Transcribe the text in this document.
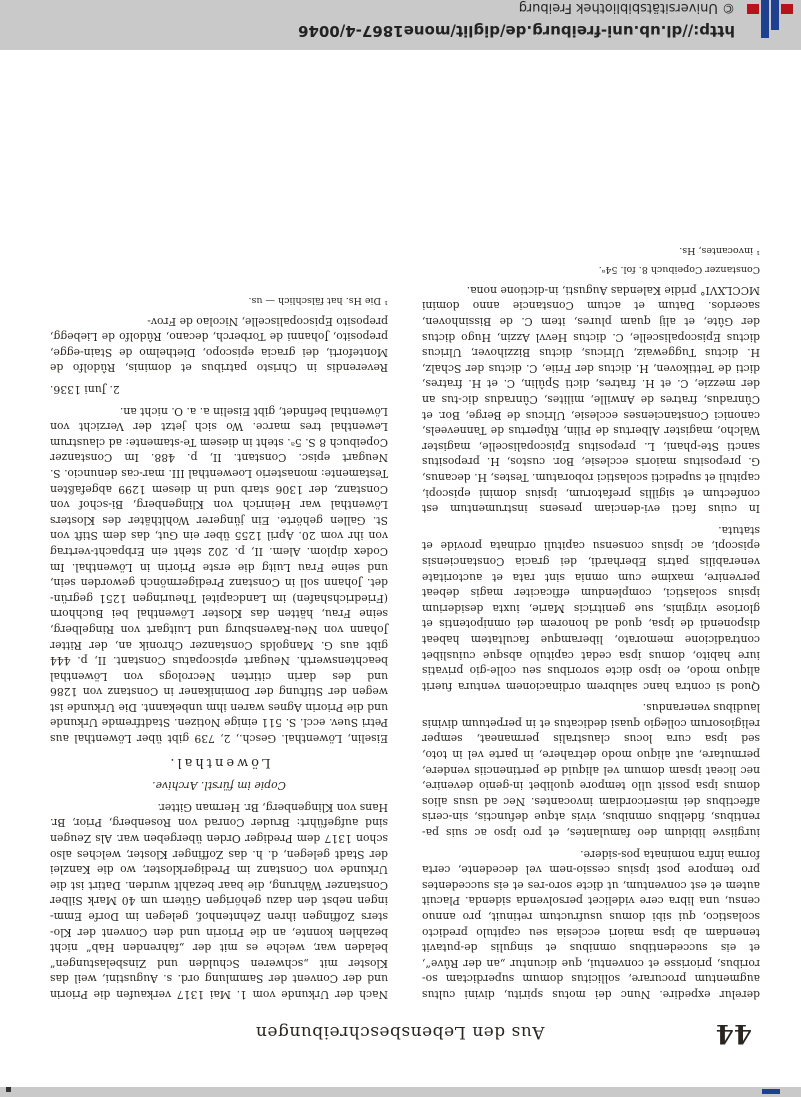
http://dl.ub.uni-freiburg.de/diglit/mone1867-4/0046
© Universitätsbibliothek Freiburg
44
Aus den Lebensbeschreibungen

derelur expedire. Nunc dei motus spiritu, divini cultus augmentum procurare, sollicitus domum superdictam so-roribus, priorisse et conventui, que dicuntur „an der Rûve“, et eis succedentibus omnibus et singulis de-putavit tenendam ab ipsa maiori ecclesia seu capitulo predicto scolastico, qui sibi domus usufructum retinuit, pro annuo censu, una libra cere videlicet persolvenda sidenda. Placuit autem et est conventum, ut dicte soro-res et eis succedentes pro tempore post ipsius cessio-nem vel decedente, certa forma infra nominata pos-sidere.

iurgiisve libidum deo famulantes, et pro ipso ac suis pa-rentibus, fidelibus omnibus, vivis atque defunctis, sin-ceris affectibus dei misericordiam invocantes. Nec ad usus alios domus ipsa possit ullo tempore quolibet in-genio devenire, nec liceat ipsam domum vel aliquid de pertinenciis vendere, permutare, aut aliquo modo detrahere, in parte vel in toto, sed ipsa cura locus claustralis permaneat, semper religiosorum collegio quasi dedicatus et in perpetuum divinis laudibus venerandus.

Quod si contra hanc salubrem ordinacionem ventura fuerit aliquo modo, eo ipso dicte sororibus seu colle-gio privatis iure habito, domus ipsa cedat capitulo absque cuiuslibet contradicione memorato, liberamque facultatem habeat disponendi de ipsa, quod ad honorem dei omnipotentis et gloriose virginis, sue genitricis Marie, iuxta desiderium ipsius scolastici, complendum efficaciter magis debeat pervenire, maxime cum omnia sint rata et auctoritate venerabilis patris Eberhardi, dei gracia Constanciensis episcopi, ac ipsius consensu capituli ordinata provide et statuta.

In cuius facti evi-denciam presens instrumentum est confectum et sigillis prefatorum, ipsius domini episcopi, capituli et supedicti scolastici roboratum. Testes, H. decanus, G. prepositus maioris ecclesie, Bor. custos, H. prepositus sancti Ste-phani, L. prepositus Episcopaliscelle, magister Walcho, magister Albertus de Pilin, Rûpertus de Tanneveels, canonici Constancienses ecclesie, Ulricus de Berge, Bor. et Cûnradus, fratres de Anwille, milites, Cûnradus dic-tus an der mezzie, C. et H. fratres, dicti Spûlin, C. et H. fratres, dicti de Tettikoven, H. dictus der Friie, C. dictus der Schalz, H. dictus Tuggewaiz, Ulricus, dictus Bizzihover, Ulricus dictus Episcopaliscelle, C. dictus Hevvl Azzin, Hugo dictus der Gûte, et alij quam plures, item C. de Bissinhoven, sacerdos. Datum et actum Constancie anno domini MCCLXVI° pridie Kalendas Augusti, in-dictione nona.

Constanzer Copeibuch 8. fol. 54ᵃ.

¹ invocantes, Hs.

Nach der Urkunde vom 1. Mai 1317 verkaufen die Priorin und der Convent der Sammlung ord. s. Augustini, weil das Kloster mit „schweren Schulden und Zinsbelastungen“ beladen war, welche es mit der „fahrenden Hab“ nicht bezahlen konnte, an die Priorin und den Convent der Klo-sters Zoffingen ihren Zehntenhof, gelegen im Dorfe Emm-ingen nebst den dazu gehörigen Gütern um 40 Mark Silber Constanzer Währung, die baar bezahlt wurden. Datirt ist die Urkunde von Constanz im Predigerkloster, wo die Kanzlei der Stadt gelegen, d. h. das Zoffinger Kloster, welches also schon 1317 dem Prediger Orden übergeben war. Als Zeugen sind aufgeführt: Bruder Conrad von Rosenberg, Prior, Br. Hans von Klingenberg, Br. Herman Gitter.

Copie im fürstl. Archive.

Löwenthal.

Eiselin, Löwenthal. Gesch., 2, 739 gibt über Löwenthal aus Petri Suev. eccl. S. 511 einige Notizen. Stadtfremde Urkunde und die Priorin Agnes waren ihm unbekannt. Die Urkunde ist wegen der Stiftung der Dominikaner in Constanz von 1286 und des darin citirten Necrologs von Löwenthal beachtenswerth. Neugart episcopatus Constant. II, p. 444 gibt aus G. Mangolds Constanzer Chronik an, der Ritter Johann von Neu-Ravensburg und Luitgart von Ringelberg, seine Frau, hätten das Kloster Löwenthal bei Buchhorn (Friedrichshafen) im Landcapitel Theuringen 1251 gegrün-det. Johann soll in Constanz Predigermönch geworden sein, und seine Frau Luitg die erste Priorin in Löwenthal. Im Codex diplom. Alem. II, p. 202 steht ein Erbpacht-vertrag von ihr vom 20. April 1255 über ein Gut, das dem Stift von St. Gallen gehörte. Ein jüngerer Wohlthäter des Klosters Löwenthal war Heinrich von Klingenberg, Bi-schof von Constanz, der 1306 starb und in diesem 1299 abgefaßten Testamente: monasterio Loewenthal III. mar-cas denuncio. S. Neugart episc. Constant. II, p. 488. Im Constanzer Copeibuch 8 S. 5ᵃ. steht in diesem Te-stamente: ad claustrum Lewenthal tres marce. Wo sich jetzt der Verzicht von Löwenthal befindet, gibt Eiselin a. a. O. nicht an.

2. Juni 1336.

Reverendis in Christo patribus et dominis, Rûdolfo de Monteforti, dei gracia episcopo, Diethelmo de Stain-egge, preposito, Johanni de Torberch, decano, Rûdolfo de Liebegg, preposito Episcopaliscelle, Nicolao de Frov-

¹ Die Hs. hat fälschlich — us.
